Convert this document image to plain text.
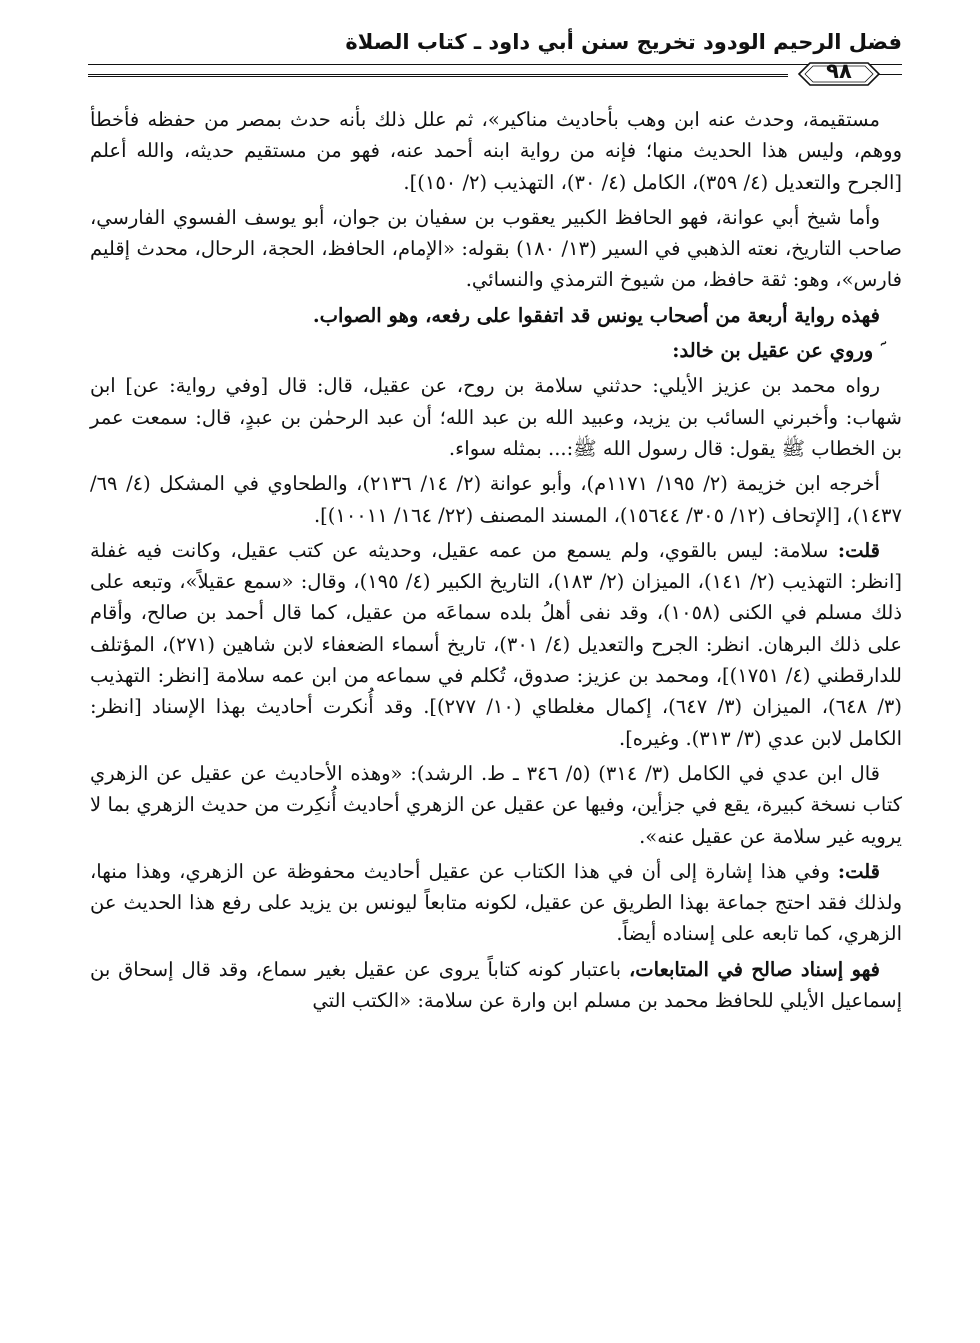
فضل الرحيم الودود تخريج سنن أبي داود ـ كتاب الصلاة
٩٨

مستقيمة، وحدث عنه ابن وهب بأحاديث مناكير»، ثم علل ذلك بأنه حدث بمصر من حفظه فأخطأ ووهم، وليس هذا الحديث منها؛ فإنه من رواية ابنه أحمد عنه، فهو من مستقيم حديثه، والله أعلم [الجرح والتعديل (٤/ ٣٥٩)، الكامل (٤/ ٣٠)، التهذيب (٢/ ١٥٠)].

وأما شيخ أبي عوانة، فهو الحافظ الكبير يعقوب بن سفيان بن جوان، أبو يوسف الفسوي الفارسي، صاحب التاريخ، نعته الذهبي في السير (١٣/ ١٨٠) بقوله: «الإمام، الحافظ، الحجة، الرحال، محدث إقليم فارس»، وهو: ثقة حافظ، من شيوخ الترمذي والنسائي.

فهذه رواية أربعة من أصحاب يونس قد اتفقوا على رفعه، وهو الصواب.

ࣤ وروي عن عقيل بن خالد:

رواه محمد بن عزيز الأيلي: حدثني سلامة بن روح، عن عقيل، قال: قال [وفي رواية: عن] ابن شهاب: وأخبرني السائب بن يزيد، وعبيد الله بن عبد الله؛ أن عبد الرحمٰن بن عبدٍ، قال: سمعت عمر بن الخطاب ﷺ يقول: قال رسول الله ﷺ:... بمثله سواء.

أخرجه ابن خزيمة (٢/ ١٩٥/ ١١٧١م)، وأبو عوانة (٢/ ١٤/ ٢١٣٦)، والطحاوي في المشكل (٤/ ٦٩/ ١٤٣٧)، [الإتحاف (١٢/ ٣٠٥/ ١٥٦٤٤)، المسند المصنف (٢٢/ ١٦٤/ ١٠٠١١)].

قلت: سلامة: ليس بالقوي، ولم يسمع من عمه عقيل، وحديثه عن كتب عقيل، وكانت فيه غفلة [انظر: التهذيب (٢/ ١٤١)، الميزان (٢/ ١٨٣)، التاريخ الكبير (٤/ ١٩٥)، وقال: «سمع عقيلاً»، وتبعه على ذلك مسلم في الكنى (١٠٥٨)، وقد نفى أهلُ بلده سماعَه من عقيل، كما قال أحمد بن صالح، وأقام على ذلك البرهان. انظر: الجرح والتعديل (٤/ ٣٠١)، تاريخ أسماء الضعفاء لابن شاهين (٢٧١)، المؤتلف للدارقطني (٤/ ١٧٥١)]، ومحمد بن عزيز: صدوق، تُكلم في سماعه من ابن عمه سلامة [انظر: التهذيب (٣/ ٦٤٨)، الميزان (٣/ ٦٤٧)، إكمال مغلطاي (١٠/ ٢٧٧)]. وقد أُنكرت أحاديث بهذا الإسناد [انظر: الكامل لابن عدي (٣/ ٣١٣). وغيره].

قال ابن عدي في الكامل (٣/ ٣١٤) (٥/ ٣٤٦ ـ ط. الرشد): «وهذه الأحاديث عن عقيل عن الزهري كتاب نسخة كبيرة، يقع في جزأين، وفيها عن عقيل عن الزهري أحاديث أُنكِرت من حديث الزهري بما لا يرويه غير سلامة عن عقيل عنه».

قلت: وفي هذا إشارة إلى أن في هذا الكتاب عن عقيل أحاديث محفوظة عن الزهري، وهذا منها، ولذلك فقد احتج جماعة بهذا الطريق عن عقيل، لكونه متابعاً ليونس بن يزيد على رفع هذا الحديث عن الزهري، كما تابعه على إسناده أيضاً.

فهو إسناد صالح في المتابعات، باعتبار كونه كتاباً يروى عن عقيل بغير سماع، وقد قال إسحاق بن إسماعيل الأيلي للحافظ محمد بن مسلم ابن وارة عن سلامة: «الكتب التي
